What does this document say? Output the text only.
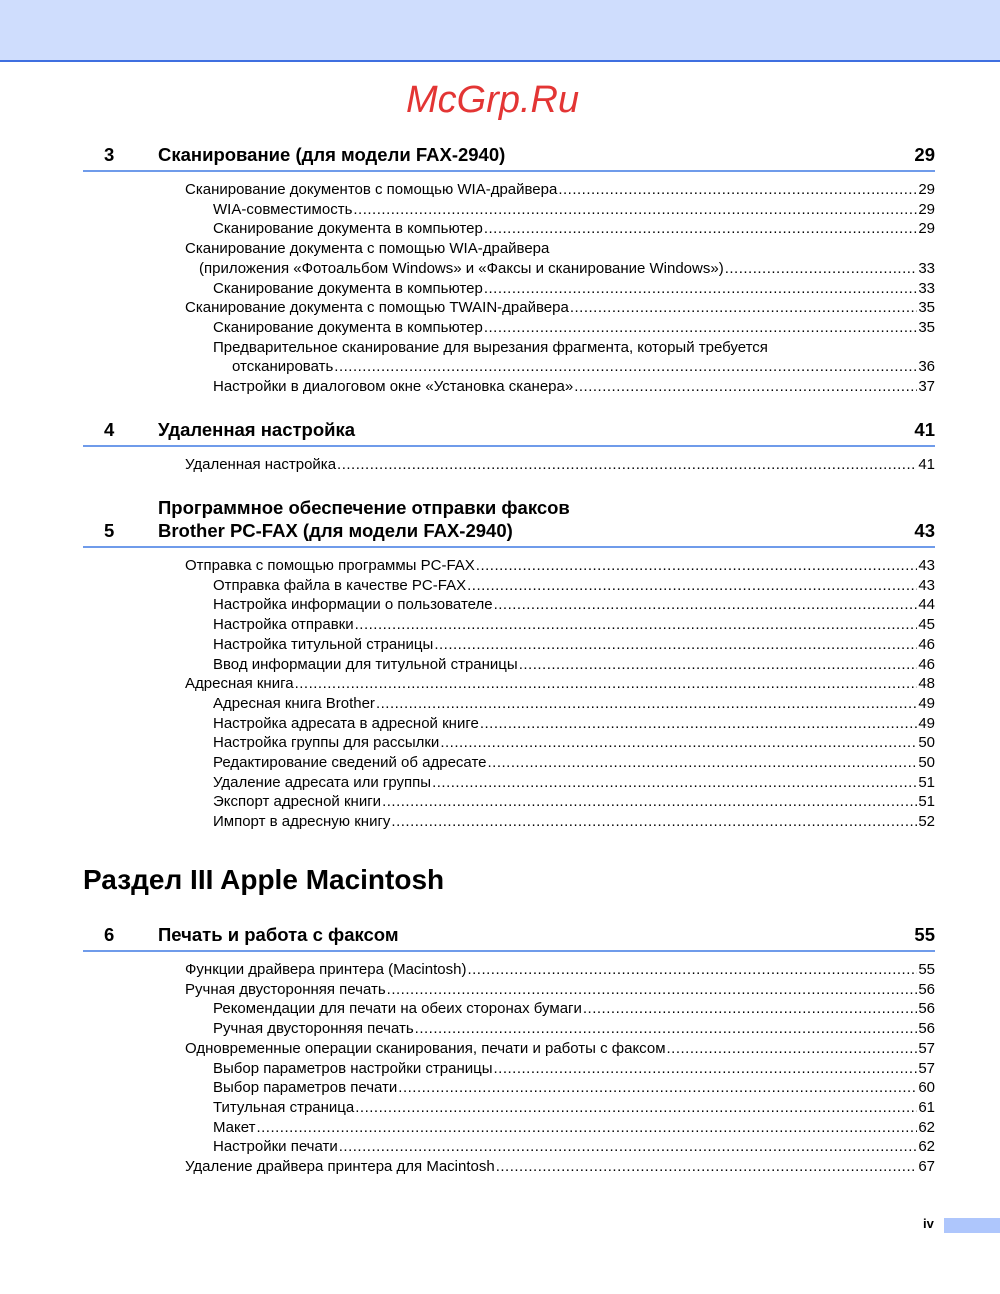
3 Сканирование (для модели FAX-2940)	29
Сканирование документов с помощью WIA-драйвера .....	29
WIA-совместимость .....	29
Сканирование документа в компьютер .....	29
Сканирование документа с помощью WIA-драйвера
(приложения «Фотоальбом Windows» и «Факсы и сканирование Windows») .....	33
Сканирование документа в компьютер .....	33
Сканирование документа с помощью TWAIN-драйвера .....	35
Сканирование документа в компьютер .....	35
Предварительное сканирование для вырезания фрагмента, который требуется
отсканировать .....	36
Настройки в диалоговом окне «Установка сканера» .....	37
4 Удаленная настройка	41
Удаленная настройка .....	41
5
Программное обеспечение отправки факсов
Brother PC-FAX (для модели FAX-2940)	43
Отправка с помощью программы PC-FAX .....	43
Отправка файла в качестве PC-FAX .....	43
Настройка информации о пользователе .....	44
Настройка отправки .....	45
Настройка титульной страницы .....	46
Ввод информации для титульной страницы .....	46
Адресная книга .....	48
Адресная книга Brother .....	49
Настройка адресата в адресной книге .....	49
Настройка группы для рассылки .....	50
Редактирование сведений об адресате .....	50
Удаление адресата или группы .....	51
Экспорт адресной книги .....	51
Импорт в адресную книгу .....	52
6 Печать и работа с факсом	55
Функции драйвера принтера (Macintosh) .....	55
Ручная двусторонняя печать .....	56
Рекомендации для печати на обеих сторонах бумаги .....	56
Ручная двусторонняя печать .....	56
Одновременные операции сканирования, печати и работы с факсом .....	57
Выбор параметров настройки страницы .....	57
Выбор параметров печати .....	60
Титульная страница .....	61
Макет .....	62
Настройки печати .....	62
Удаление драйвера принтера для Macintosh .....	67
Раздел III Apple Macintosh
McGrp.Ru
iv
